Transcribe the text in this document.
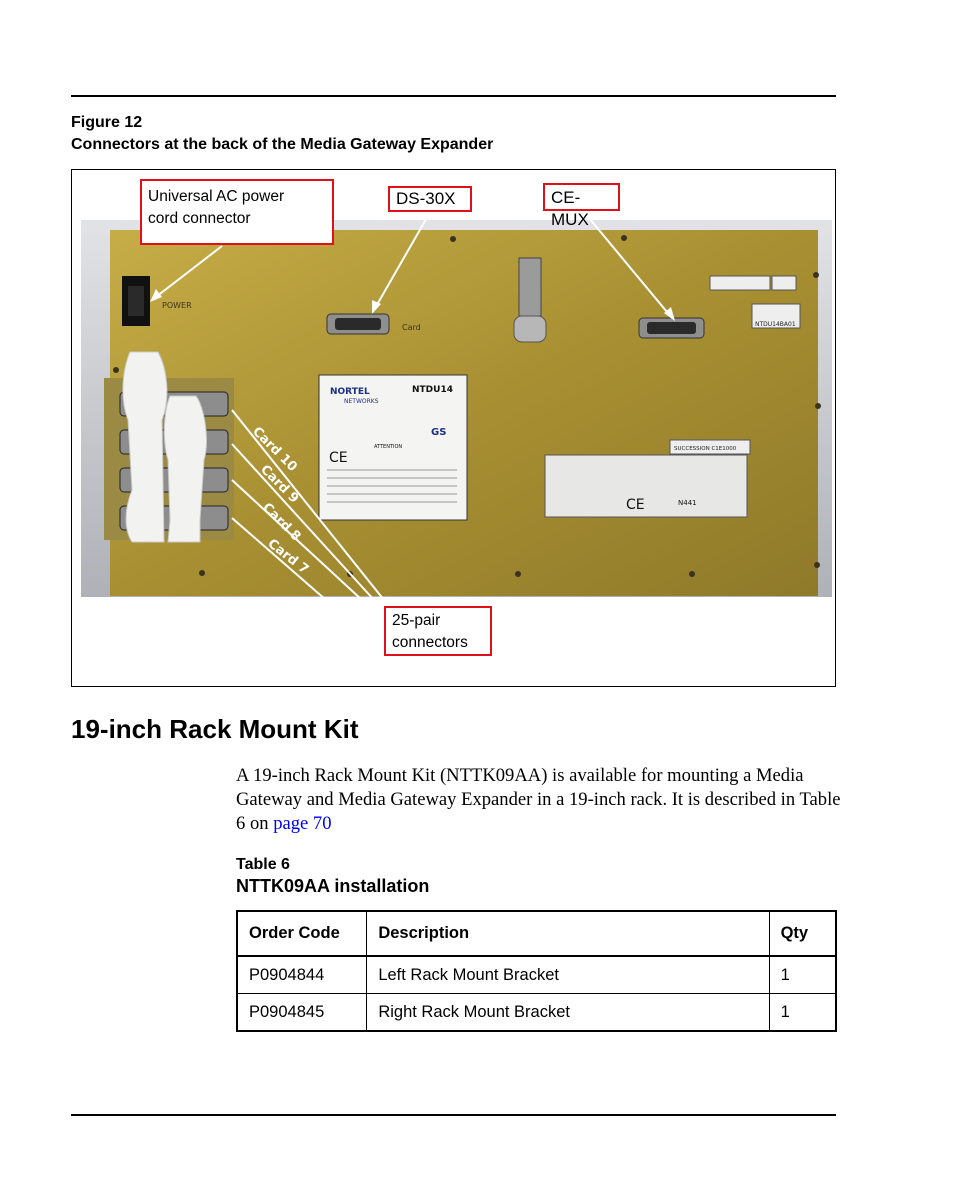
Figure 12
Connectors at the back of the Media Gateway Expander
POWER
Card	NTDU14BA01
NORTEL
NETWORKS
NTDU14
ATTENTION
CE
GS
SUCCESSION C1E1000
CE	N441
Card 10
Card 9
Card 8
Card 7
Universal AC power
cord connector
DS-30X	CE-MUX
25-pair
connectors
19-inch Rack Mount Kit

A 19-inch Rack Mount Kit (NTTK09AA) is available for mounting a Media Gateway and Media Gateway Expander in a 19-inch rack. It is described in Table 6 on page 70

Table 6
NTTK09AA installation
Order Code	Description	Qty
P0904844	Left Rack Mount Bracket	1
P0904845	Right Rack Mount Bracket	1
